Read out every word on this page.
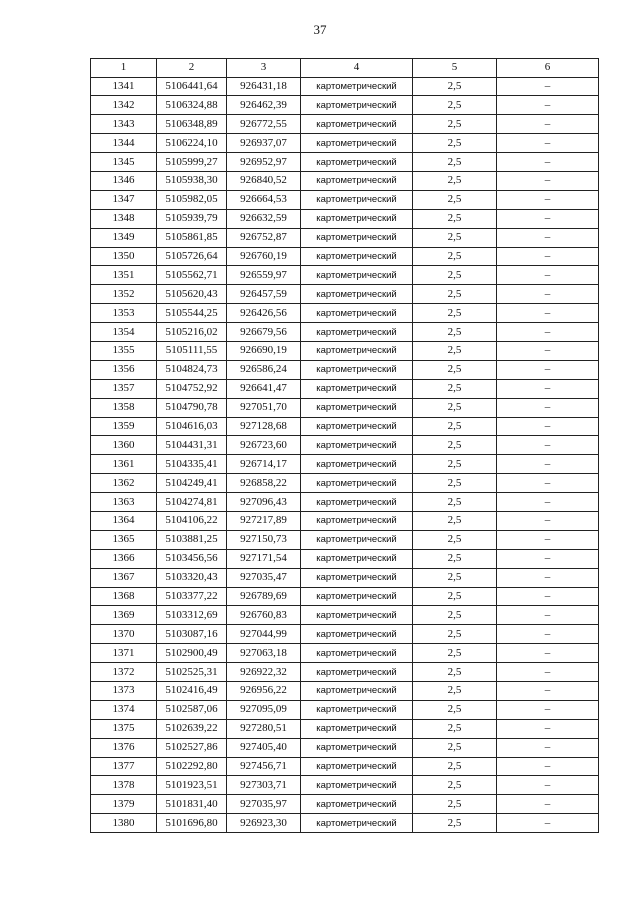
37
1	2	3	4	5	6
1341	5106441,64	926431,18	картометрический	2,5	–
1342	5106324,88	926462,39	картометрический	2,5	–
1343	5106348,89	926772,55	картометрический	2,5	–
1344	5106224,10	926937,07	картометрический	2,5	–
1345	5105999,27	926952,97	картометрический	2,5	–
1346	5105938,30	926840,52	картометрический	2,5	–
1347	5105982,05	926664,53	картометрический	2,5	–
1348	5105939,79	926632,59	картометрический	2,5	–
1349	5105861,85	926752,87	картометрический	2,5	–
1350	5105726,64	926760,19	картометрический	2,5	–
1351	5105562,71	926559,97	картометрический	2,5	–
1352	5105620,43	926457,59	картометрический	2,5	–
1353	5105544,25	926426,56	картометрический	2,5	–
1354	5105216,02	926679,56	картометрический	2,5	–
1355	5105111,55	926690,19	картометрический	2,5	–
1356	5104824,73	926586,24	картометрический	2,5	–
1357	5104752,92	926641,47	картометрический	2,5	–
1358	5104790,78	927051,70	картометрический	2,5	–
1359	5104616,03	927128,68	картометрический	2,5	–
1360	5104431,31	926723,60	картометрический	2,5	–
1361	5104335,41	926714,17	картометрический	2,5	–
1362	5104249,41	926858,22	картометрический	2,5	–
1363	5104274,81	927096,43	картометрический	2,5	–
1364	5104106,22	927217,89	картометрический	2,5	–
1365	5103881,25	927150,73	картометрический	2,5	–
1366	5103456,56	927171,54	картометрический	2,5	–
1367	5103320,43	927035,47	картометрический	2,5	–
1368	5103377,22	926789,69	картометрический	2,5	–
1369	5103312,69	926760,83	картометрический	2,5	–
1370	5103087,16	927044,99	картометрический	2,5	–
1371	5102900,49	927063,18	картометрический	2,5	–
1372	5102525,31	926922,32	картометрический	2,5	–
1373	5102416,49	926956,22	картометрический	2,5	–
1374	5102587,06	927095,09	картометрический	2,5	–
1375	5102639,22	927280,51	картометрический	2,5	–
1376	5102527,86	927405,40	картометрический	2,5	–
1377	5102292,80	927456,71	картометрический	2,5	–
1378	5101923,51	927303,71	картометрический	2,5	–
1379	5101831,40	927035,97	картометрический	2,5	–
1380	5101696,80	926923,30	картометрический	2,5	–
